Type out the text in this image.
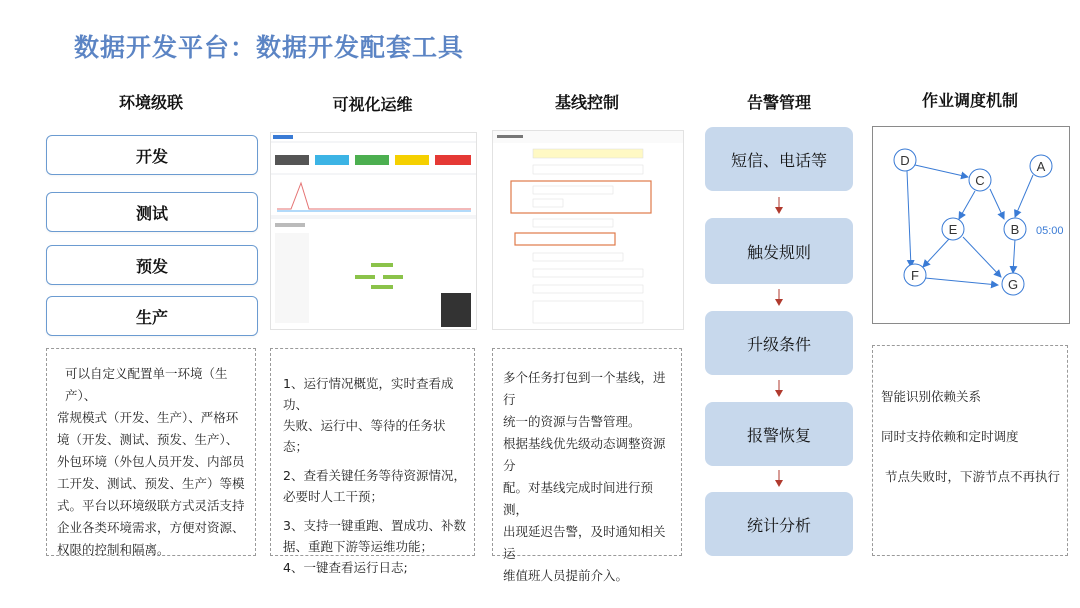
数据开发平台：数据开发配套工具
环境级联	可视化运维	基线控制	告警管理	作业调度机制
开发
测试
预发
生产
可以自定义配置单一环境（生产）、
常规模式（开发、生产）、严格环
境（开发、测试、预发、生产）、
外包环境（外包人员开发、内部员
工开发、测试、预发、生产）等模
式。平台以环境级联方式灵活支持
企业各类环境需求，方便对资源、
权限的控制和隔离。
1、运行情况概览，实时查看成功、
失败、运行中、等待的任务状态；
2、查看关键任务等待资源情况，
必要时人工干预；
3、支持一键重跑、置成功、补数
据、重跑下游等运维功能；
4、一键查看运行日志;
多个任务打包到一个基线，进行
统一的资源与告警管理。
根据基线优先级动态调整资源分
配。对基线完成时间进行预测，
出现延迟告警，及时通知相关运
维值班人员提前介入。
短信、电话等
触发规则
升级条件
报警恢复
统计分析
D
C
A
E	B
F
G
05:00
智能识别依赖关系
同时支持依赖和定时调度
节点失败时，下游节点不再执行
